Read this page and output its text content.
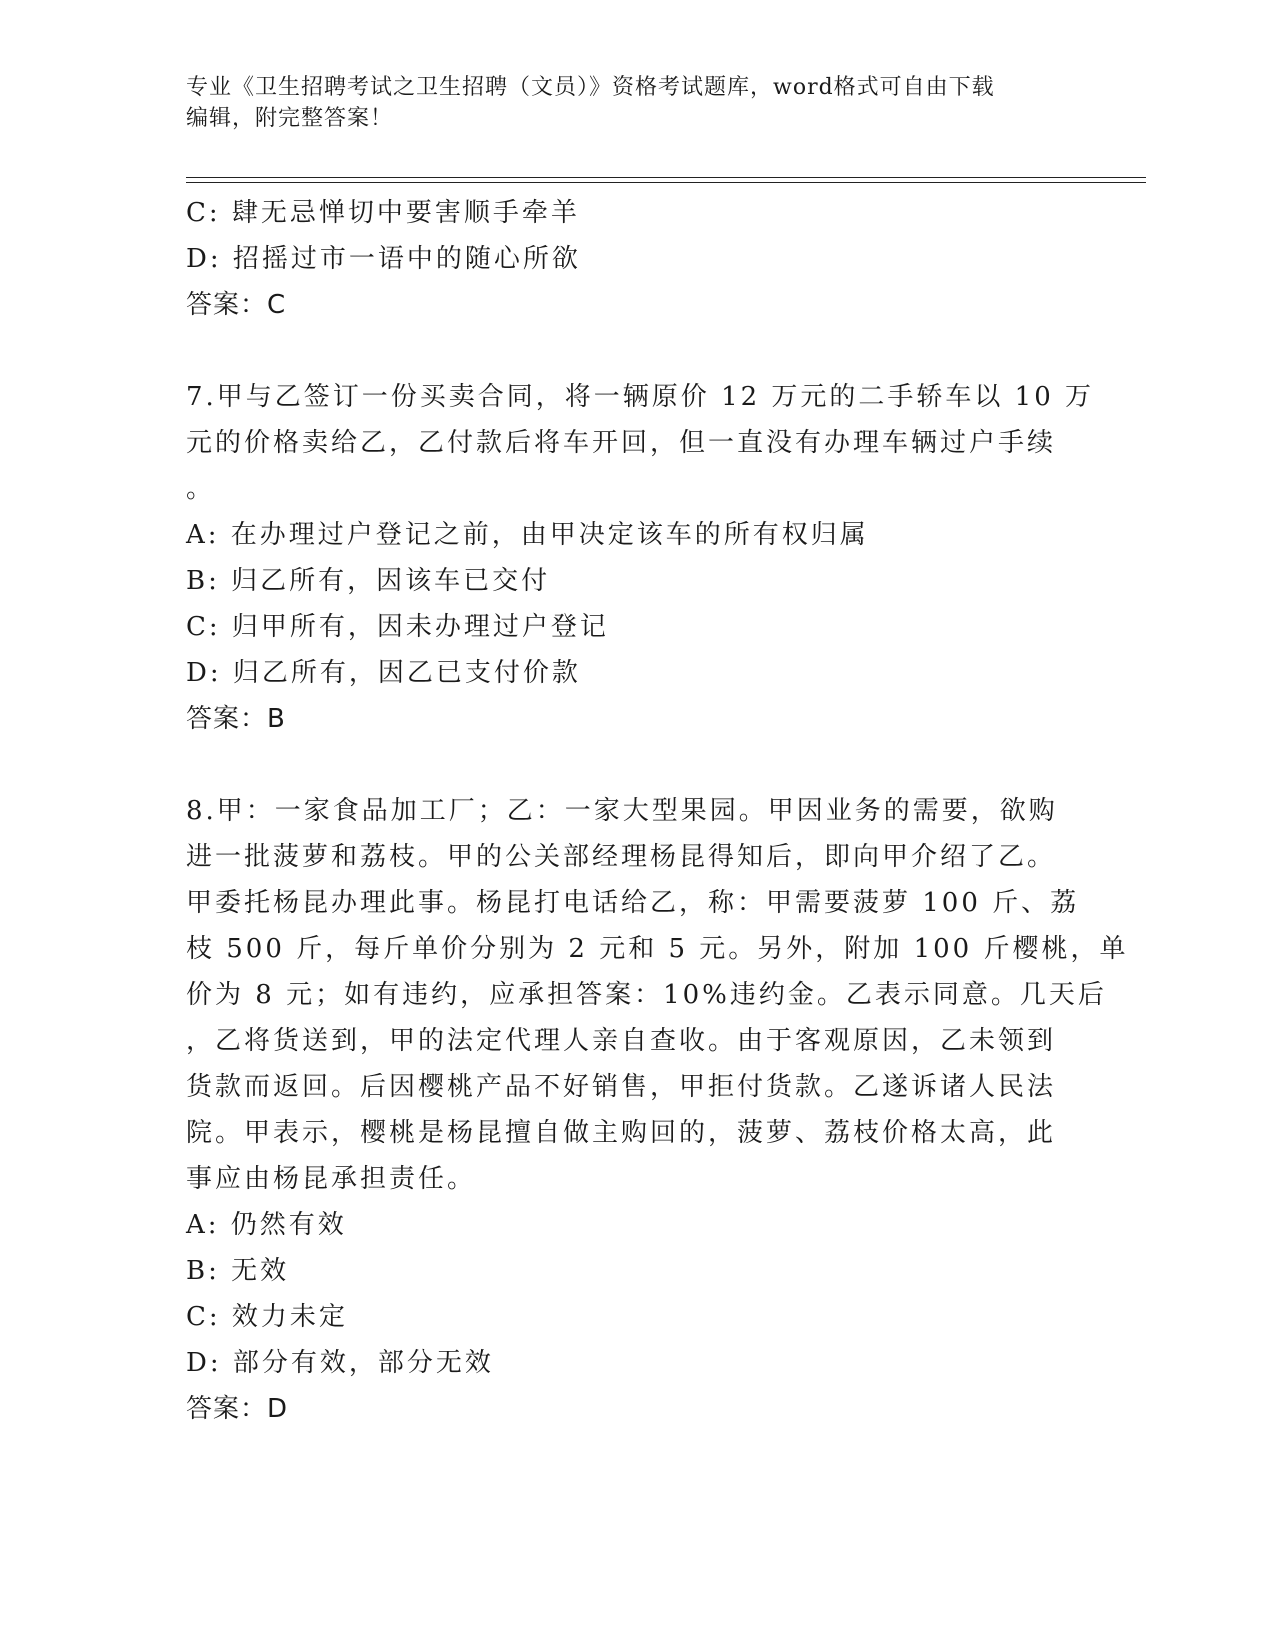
专业《卫生招聘考试之卫生招聘（文员）》资格考试题库，word格式可自由下载
编辑，附完整答案！

C: 肆无忌惮切中要害顺手牵羊

D: 招摇过市一语中的随心所欲

答案：C

7.甲与乙签订一份买卖合同，将一辆原价 12 万元的二手轿车以 10 万

元的价格卖给乙，乙付款后将车开回，但一直没有办理车辆过户手续

。

A: 在办理过户登记之前，由甲决定该车的所有权归属

B: 归乙所有，因该车已交付

C: 归甲所有，因未办理过户登记

D: 归乙所有，因乙已支付价款

答案：B

8.甲：一家食品加工厂；乙：一家大型果园。甲因业务的需要，欲购

进一批菠萝和荔枝。甲的公关部经理杨昆得知后，即向甲介绍了乙。

甲委托杨昆办理此事。杨昆打电话给乙，称：甲需要菠萝 100 斤、荔

枝 500 斤，每斤单价分别为 2 元和 5 元。另外，附加 100 斤樱桃，单

价为 8 元；如有违约，应承担答案：10%违约金。乙表示同意。几天后

，乙将货送到，甲的法定代理人亲自查收。由于客观原因，乙未领到

货款而返回。后因樱桃产品不好销售，甲拒付货款。乙遂诉诸人民法

院。甲表示，樱桃是杨昆擅自做主购回的，菠萝、荔枝价格太高，此

事应由杨昆承担责任。

A: 仍然有效

B: 无效

C: 效力未定

D: 部分有效，部分无效

答案：D
